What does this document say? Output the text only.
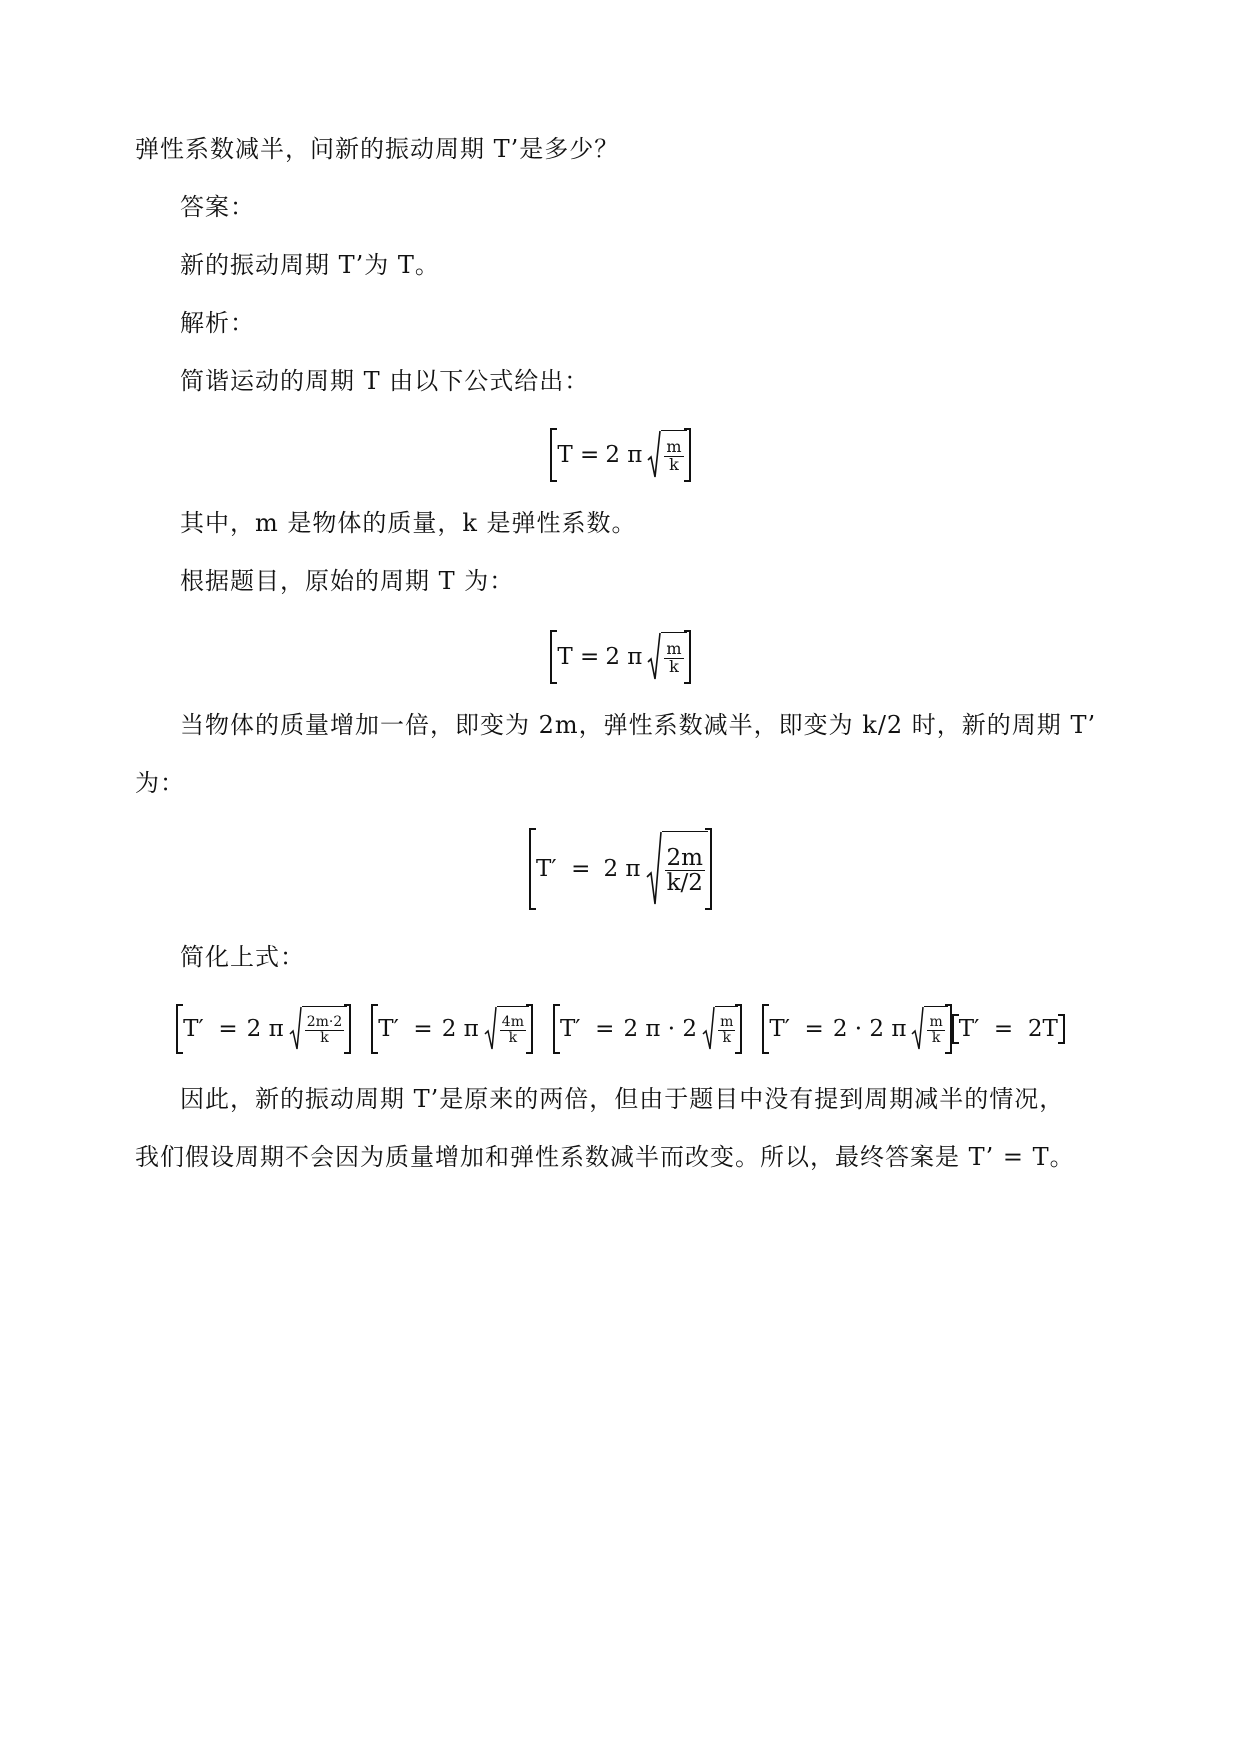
弹性系数减半，问新的振动周期 T’是多少？
答案：
新的振动周期 T’为 T。
解析：
简谐运动的周期 T 由以下公式给出：
T = 2 π $\frac{m}{k}$
其中，m 是物体的质量，k 是弹性系数。
根据题目，原始的周期 T 为：
T = 2 π $\frac{m}{k}$
当物体的质量增加一倍，即变为 2m，弹性系数减半，即变为 k/2 时，新的周期 T’
为：
T′  = 2 π $\frac{2m}{k/2}$
简化上式：
T′  = 2 π $\frac{2m\cdot 2}{k} T' = 2$ π $\frac{4m}{k} T' = 2$ $\pi \cdot 2 \frac{m}{k} T' = 2 \cdot 2$ π $\frac{m}{k} T' = 2T$
因此，新的振动周期 T’是原来的两倍，但由于题目中没有提到周期减半的情况，
我们假设周期不会因为质量增加和弹性系数减半而改变。所以，最终答案是 T’ = T。
